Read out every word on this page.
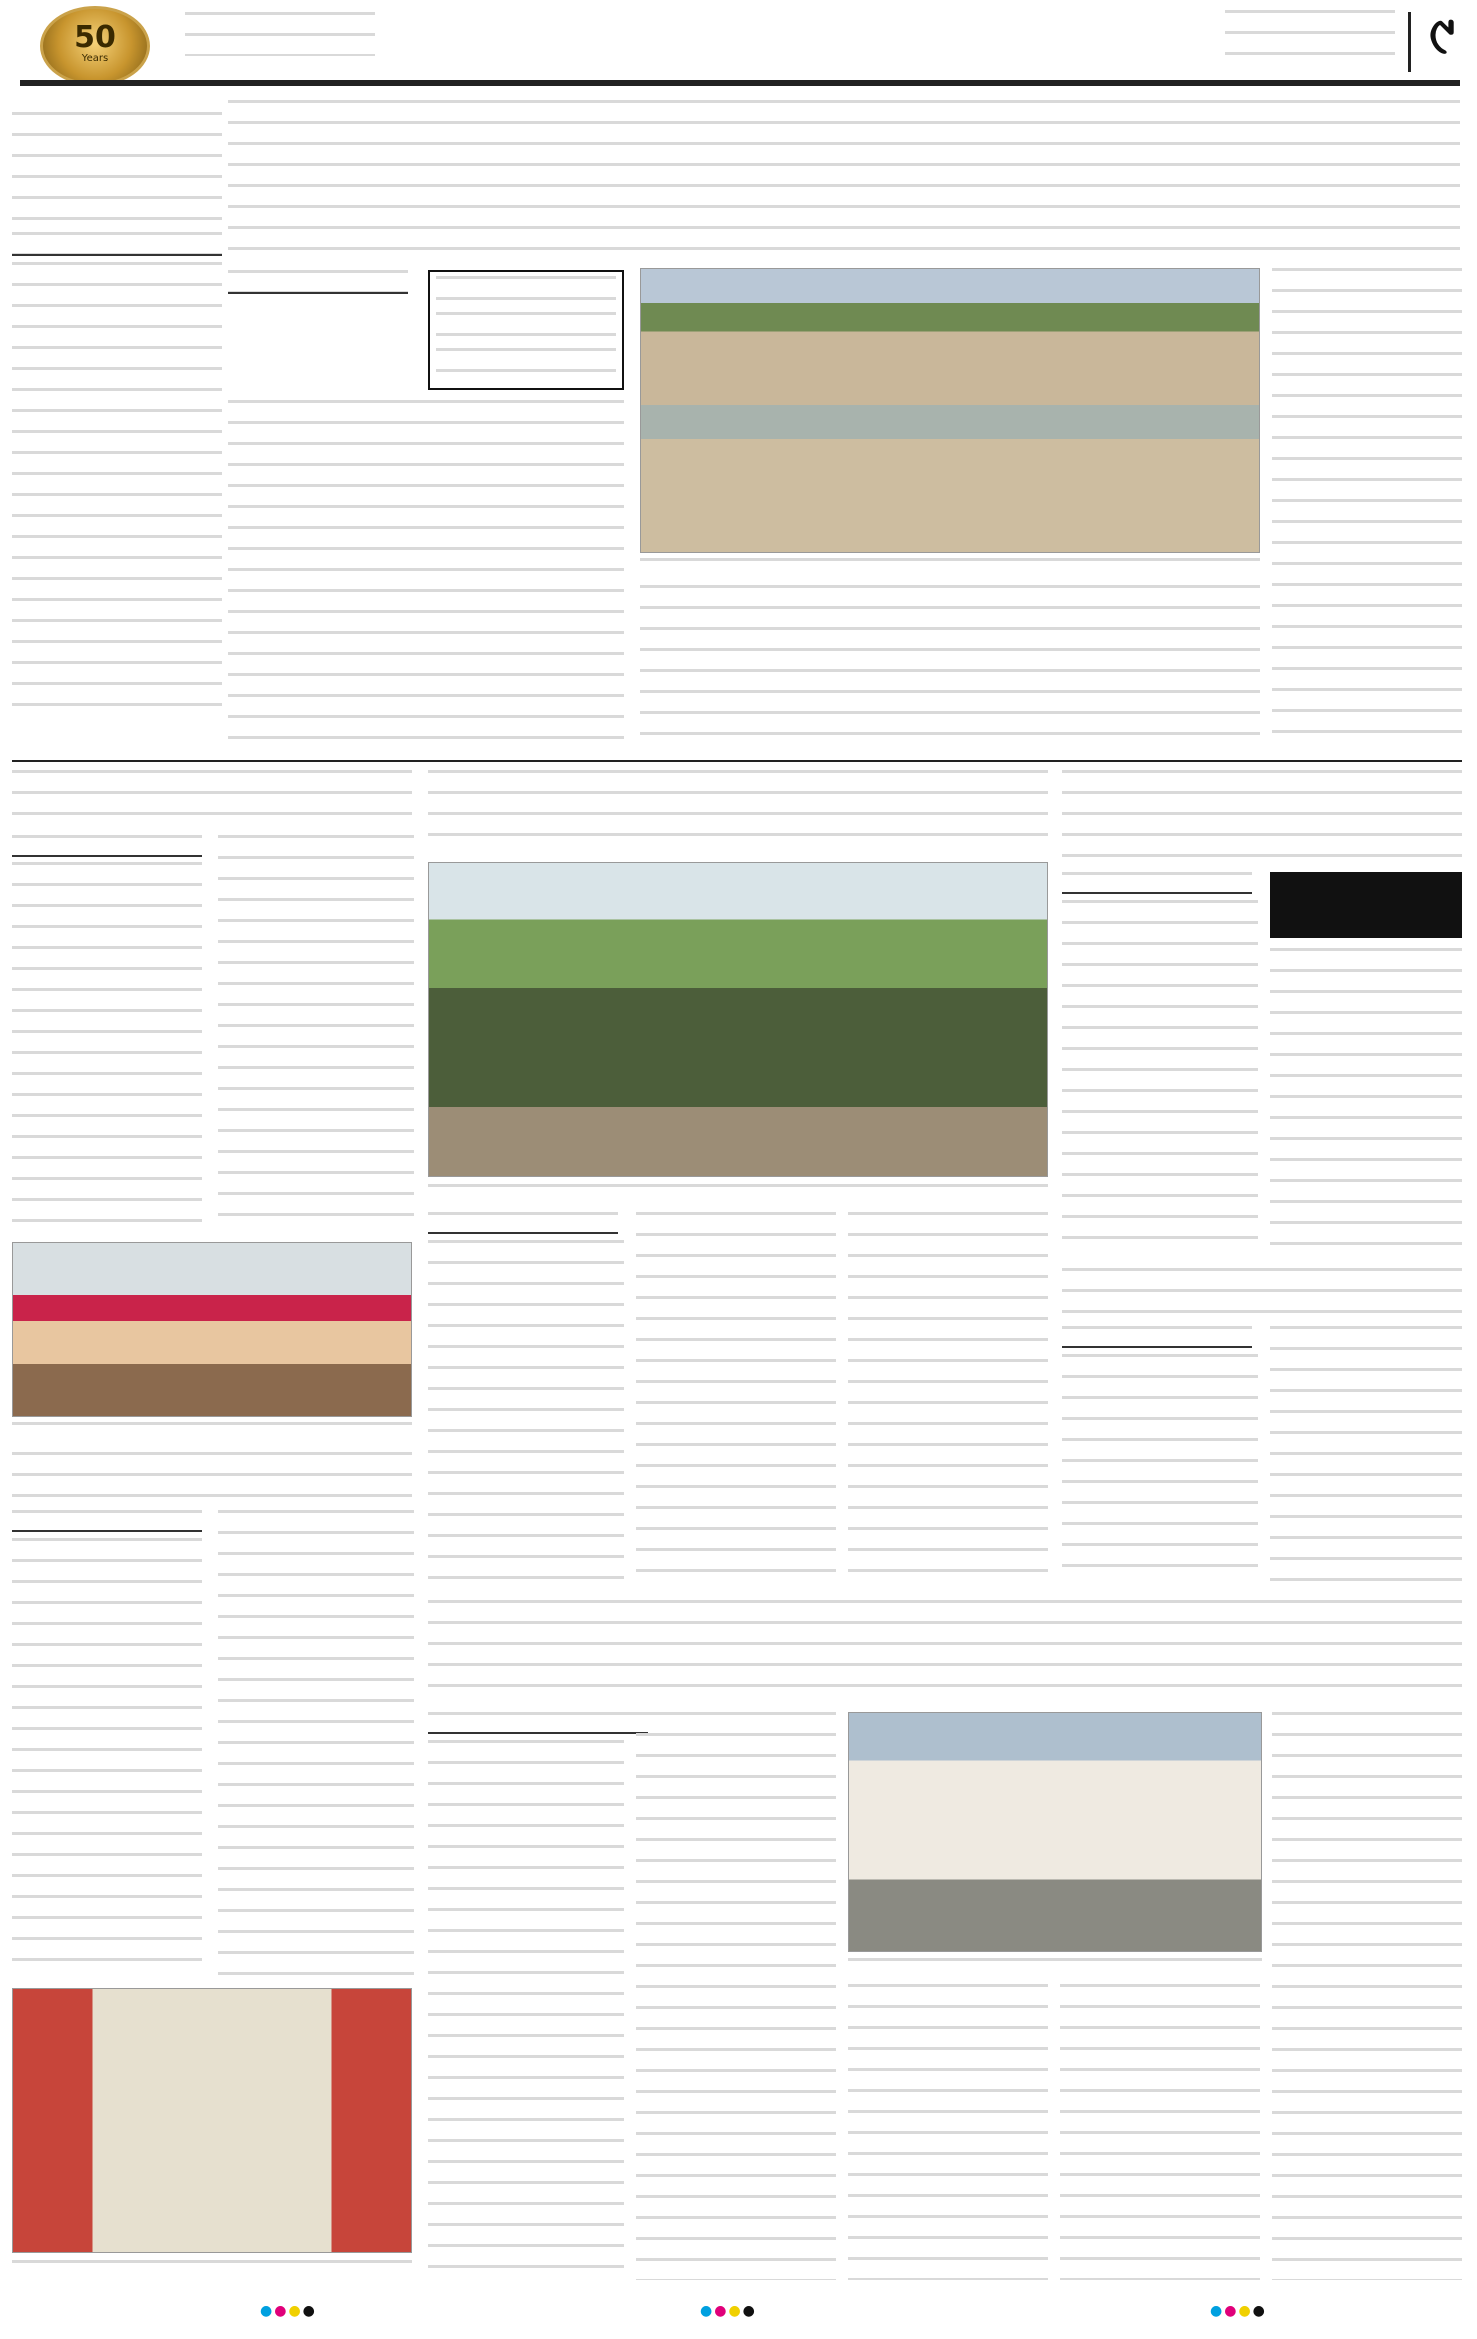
50
Years	୯
●●●●	●●●●	●●●●
